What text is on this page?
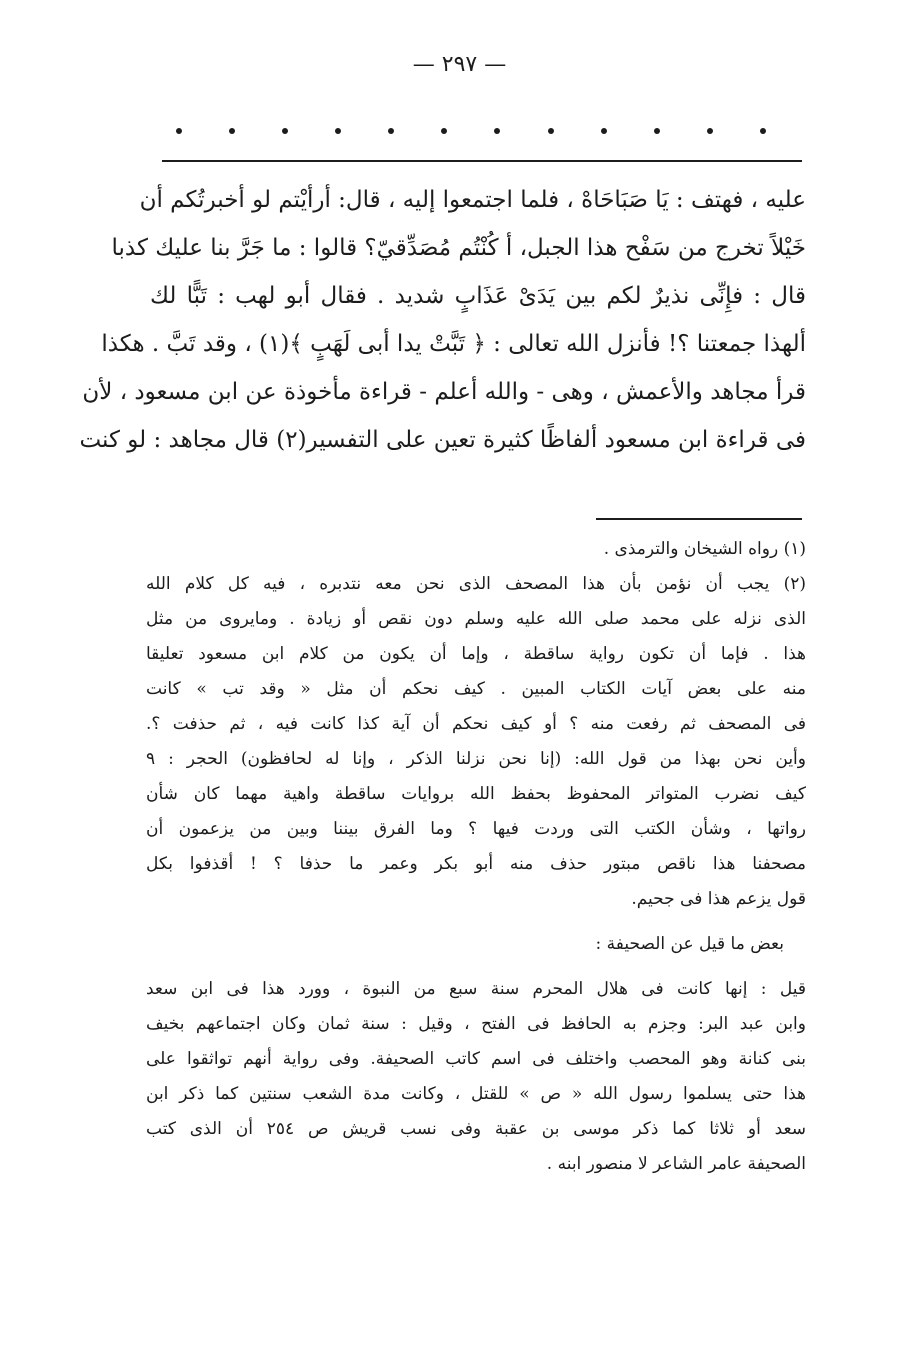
— ٢٩٧ —
عليه ، فهتف : يَا صَبَاحَاهْ ، فلما اجتمعوا إليه ، قال: أرأيْتم لو أخبرتُكم أن
خَيْلاً تخرج من سَفْح هذا الجبل، أ كُنْتُم مُصَدِّقيّ؟ قالوا : ما جَرَّ بنا عليك كذبا
قال : فإِنِّى نذيرٌ لكم بين يَدَىْ عَذَابٍ شديد . فقال أبو لهب : تَبًّا لك
ألهذا جمعتنا ؟! فأنزل الله تعالى : ﴿ تَبَّتْ يدا أبى لَهَبٍ ﴾(١) ، وقد تَبَّ . هكذا
قرأ مجاهد والأعمش ، وهى - والله أعلم - قراءة مأخوذة عن ابن مسعود ، لأن
فى قراءة ابن مسعود ألفاظًا كثيرة تعين على التفسير(٢) قال مجاهد : لو كنت
(١) رواه الشيخان والترمذى .
(٢) يجب أن نؤمن بأن هذا المصحف الذى نحن معه نتدبره ، فيه كل كلام الله
الذى نزله على محمد صلى الله عليه وسلم دون نقص أو زيادة . ومايروى من مثل
هذا . فإما أن تكون رواية ساقطة ، وإما أن يكون من كلام ابن مسعود تعليقا
منه على بعض آيات الكتاب المبين . كيف نحكم أن مثل « وقد تب » كانت
فى المصحف ثم رفعت منه ؟ أو كيف نحكم أن آية كذا كانت فيه ، ثم حذفت ؟.
وأين نحن بهذا من قول الله: (إنا نحن نزلنا الذكر ، وإنا له لحافظون) الحجر : ٩
كيف نضرب المتواتر المحفوظ بحفظ الله بروايات ساقطة واهية مهما كان شأن
رواتها ، وشأن الكتب التى وردت فيها ؟ وما الفرق بيننا وبين من يزعمون أن
مصحفنا هذا ناقص مبتور حذف منه أبو بكر وعمر ما حذفا ؟ ! أقذفوا بكل
قول يزعم هذا فى جحيم.
بعض ما قيل عن الصحيفة :
قيل : إنها كانت فى هلال المحرم سنة سبع من النبوة ، وورد هذا فى ابن سعد
وابن عبد البر: وجزم به الحافظ فى الفتح ، وقيل : سنة ثمان وكان اجتماعهم بخيف
بنى كنانة وهو المحصب واختلف فى اسم كاتب الصحيفة. وفى رواية أنهم تواثقوا على
هذا حتى يسلموا رسول الله « ص » للقتل ، وكانت مدة الشعب سنتين كما ذكر ابن
سعد أو ثلاثا كما ذكر موسى بن عقبة وفى نسب قريش ص ٢٥٤ أن الذى كتب
الصحيفة عامر الشاعر لا منصور ابنه .
